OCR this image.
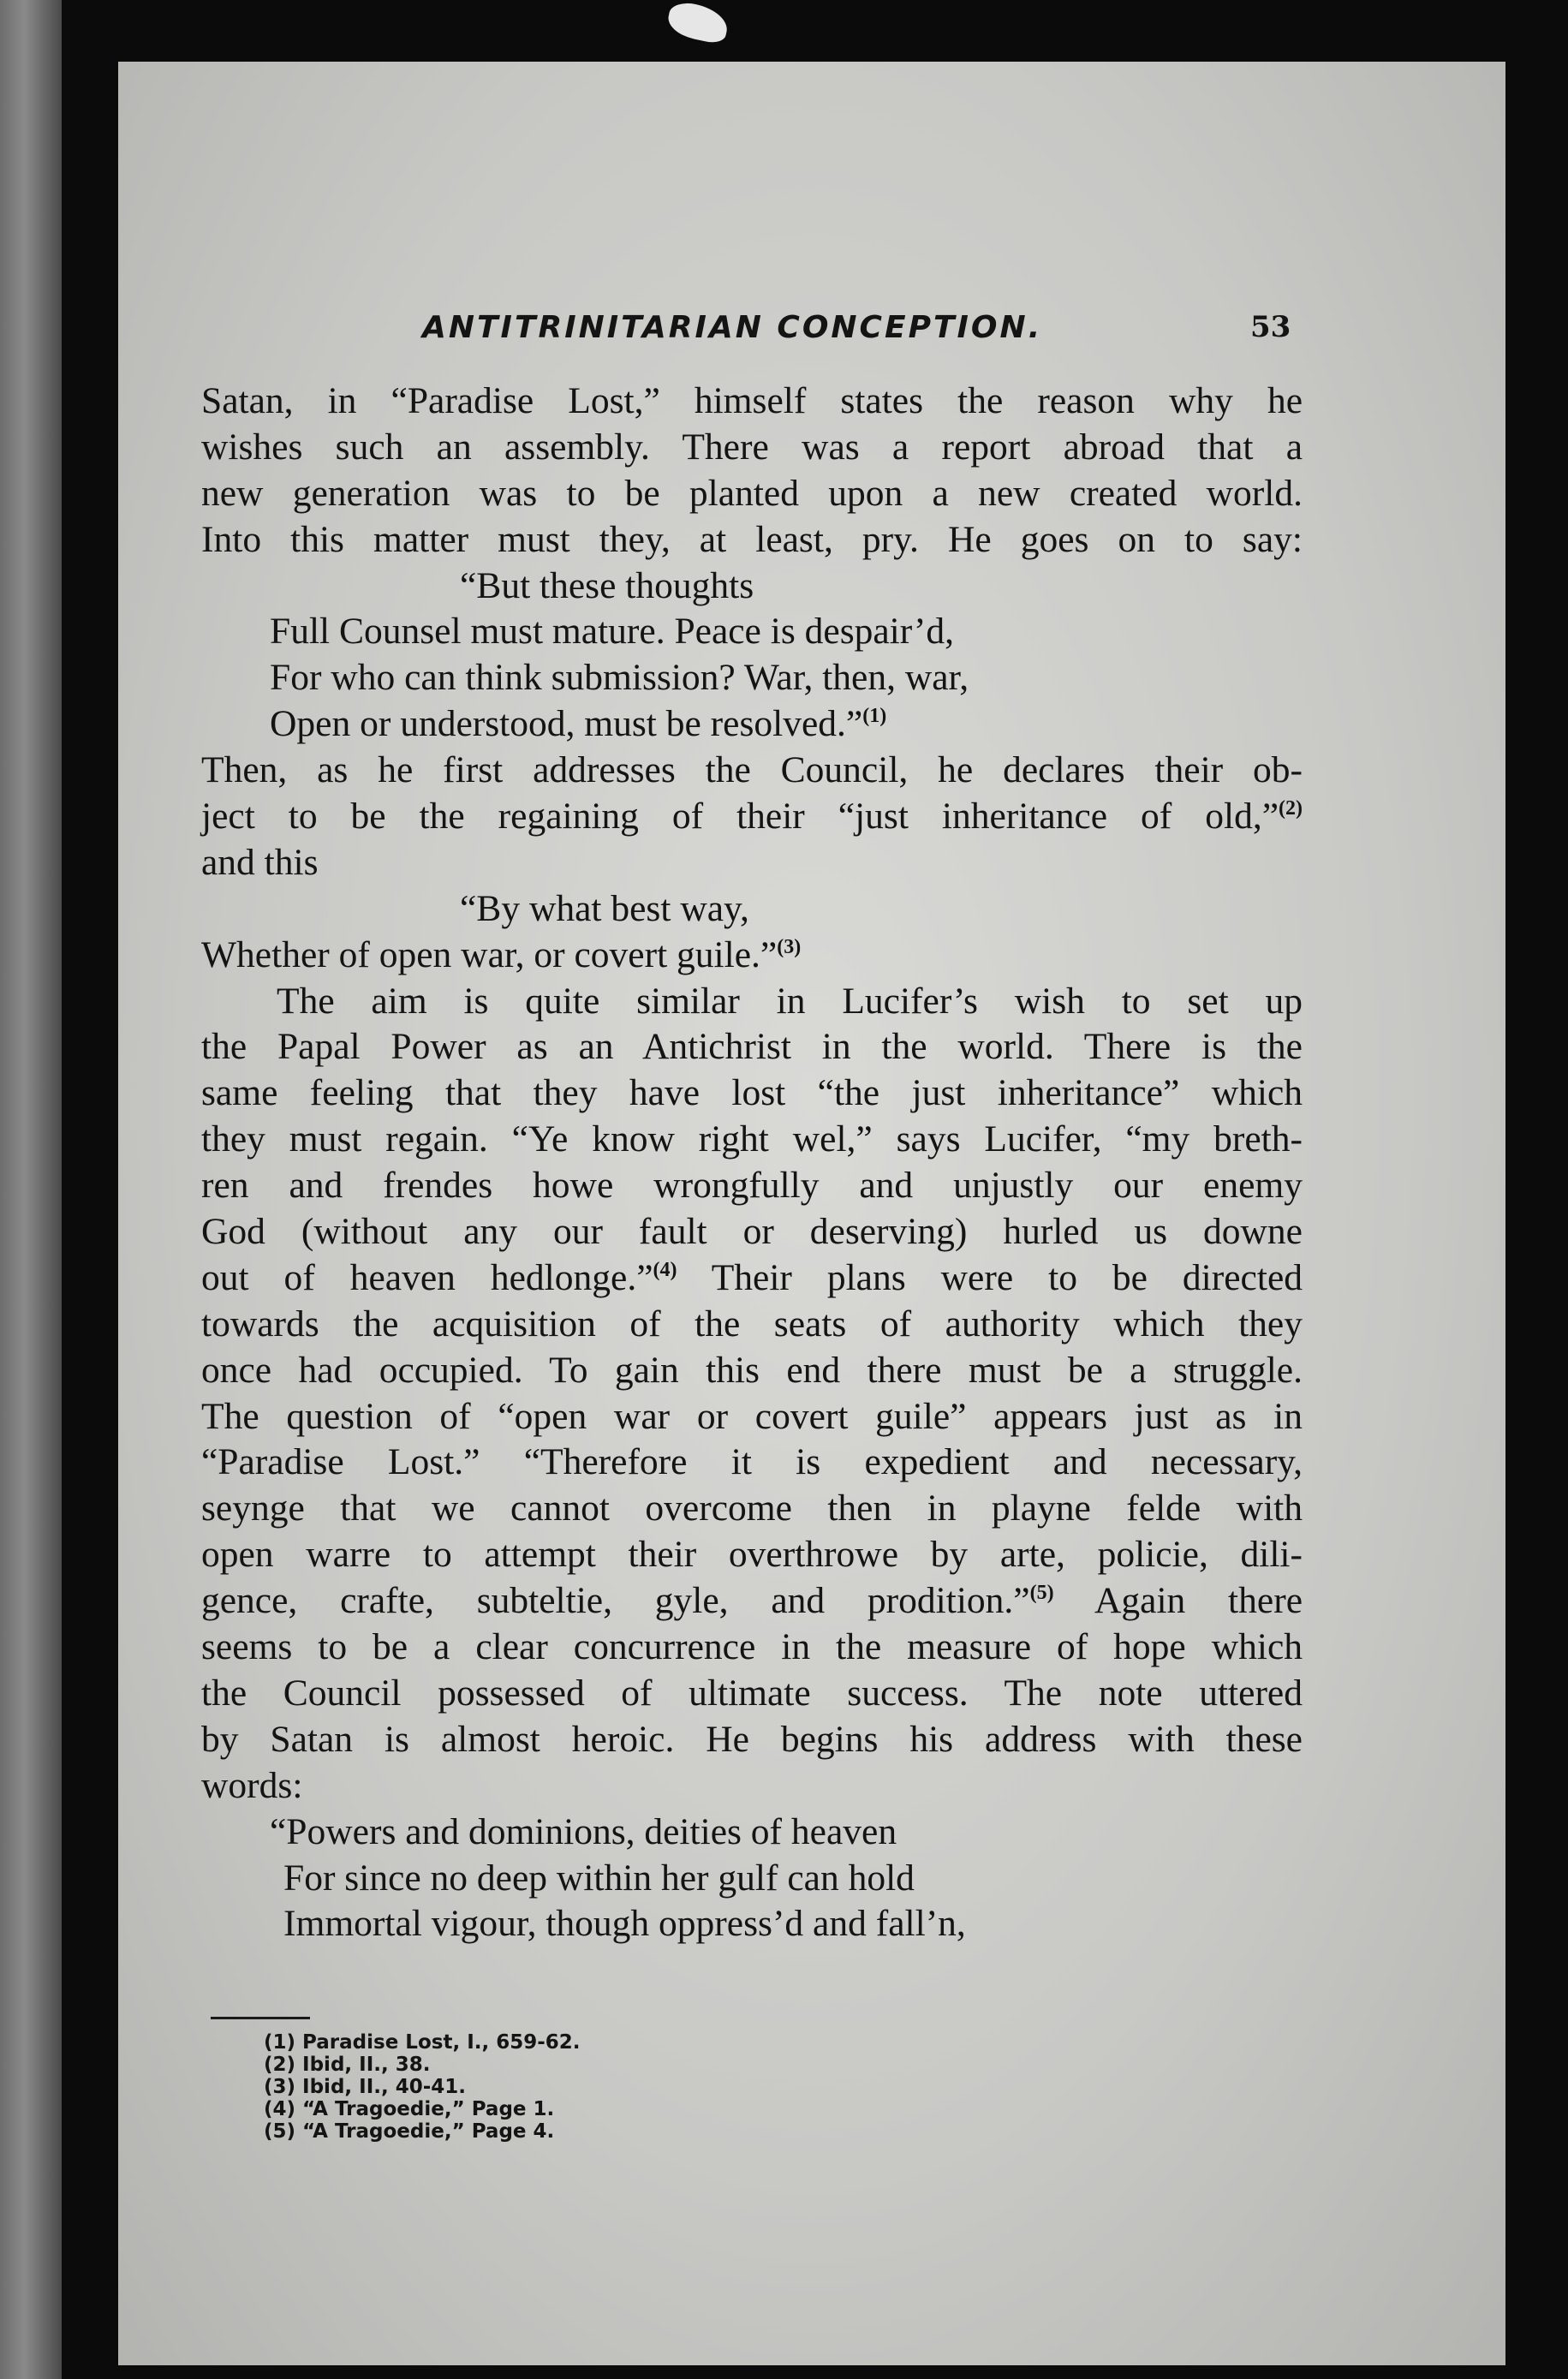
ANTITRINITARIAN CONCEPTION.	53
Satan, in “Paradise Lost,” himself states the reason why he
wishes such an assembly. There was a report abroad that a
new generation was to be planted upon a new created world.
Into this matter must they, at least, pry. He goes on to say:
“But these thoughts
Full Counsel must mature. Peace is despair’d,
For who can think submission? War, then, war,
Open or understood, must be resolved.”$^{(1)}$
Then, as he first addresses the Council, he declares their ob-
ject to be the regaining of their “just inheritance of old,”$^{(2)}$
and this
“By what best way,
Whether of open war, or covert guile.”$^{(3)}$
The aim is quite similar in Lucifer’s wish to set up
the Papal Power as an Antichrist in the world. There is the
same feeling that they have lost “the just inheritance” which
they must regain. “Ye know right wel,” says Lucifer, “my breth-
ren and frendes howe wrongfully and unjustly our enemy
God (without any our fault or deserving) hurled us downe
out of heaven hedlonge.”$^{(4)}$ Their plans were to be directed
towards the acquisition of the seats of authority which they
once had occupied. To gain this end there must be a struggle.
The question of “open war or covert guile” appears just as in
“Paradise Lost.” “Therefore it is expedient and necessary,
seynge that we cannot overcome then in playne felde with
open warre to attempt their overthrowe by arte, policie, dili-
gence, crafte, subteltie, gyle, and prodition.”$^{(5)}$ Again there
seems to be a clear concurrence in the measure of hope which
the Council possessed of ultimate success. The note uttered
by Satan is almost heroic. He begins his address with these
words:
“Powers and dominions, deities of heaven
For since no deep within her gulf can hold
Immortal vigour, though oppress’d and fall’n,
(1) Paradise Lost, I., 659-62.
(2) Ibid, II., 38.
(3) Ibid, II., 40-41.
(4) “A Tragoedie,” Page 1.
(5) “A Tragoedie,” Page 4.
